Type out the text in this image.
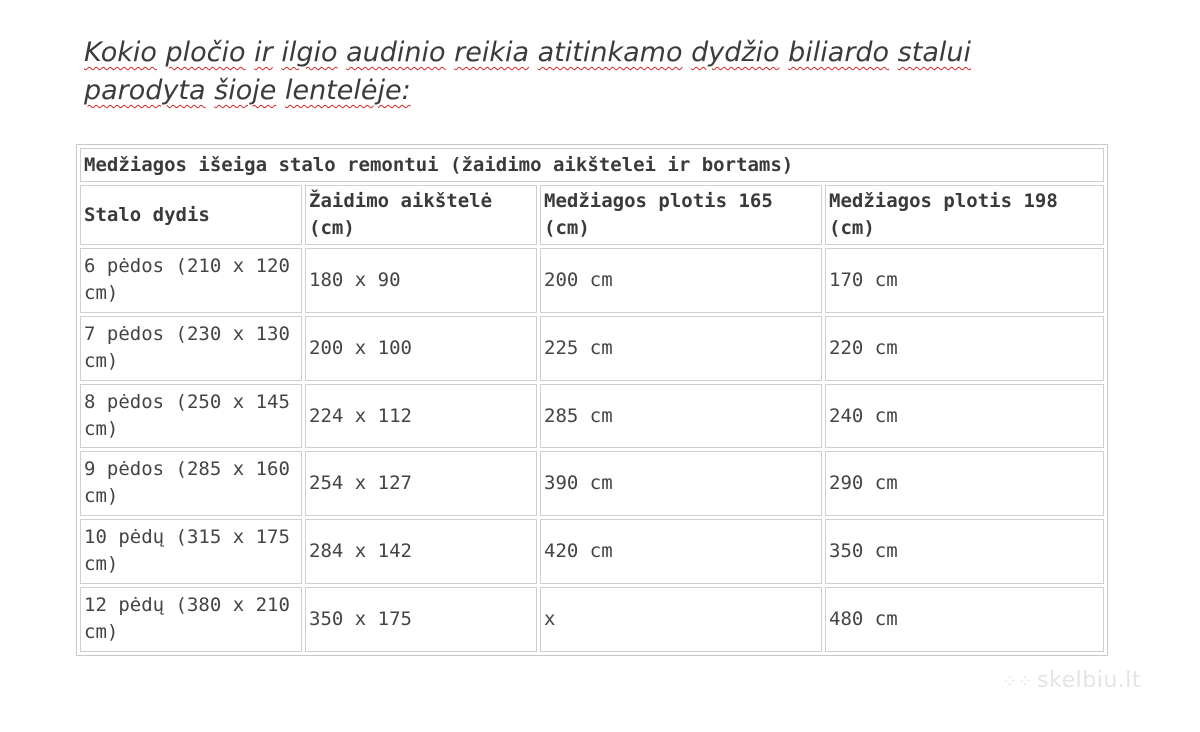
Kokio pločio ir ilgio audinio reikia atitinkamo dydžio biliardo stalui
parodyta šioje lentelėje:
Medžiagos išeiga stalo remontui (žaidimo aikštelei ir bortams)			
Stalo dydis	Žaidimo aikštelė (cm)	Medžiagos plotis 165 (cm)	Medžiagos plotis 198 (cm)
6 pėdos (210 x 120 cm)	180 x 90	200 cm	170 cm
7 pėdos (230 x 130 cm)	200 x 100	225 cm	220 cm
8 pėdos (250 x 145 cm)	224 x 112	285 cm	240 cm
9 pėdos (285 x 160 cm)	254 x 127	390 cm	290 cm
10 pėdų (315 x 175 cm)	284 x 142	420 cm	350 cm
12 pėdų (380 x 210 cm)	350 x 175	x	480 cm
⁘⁘ skelbiu.lt
